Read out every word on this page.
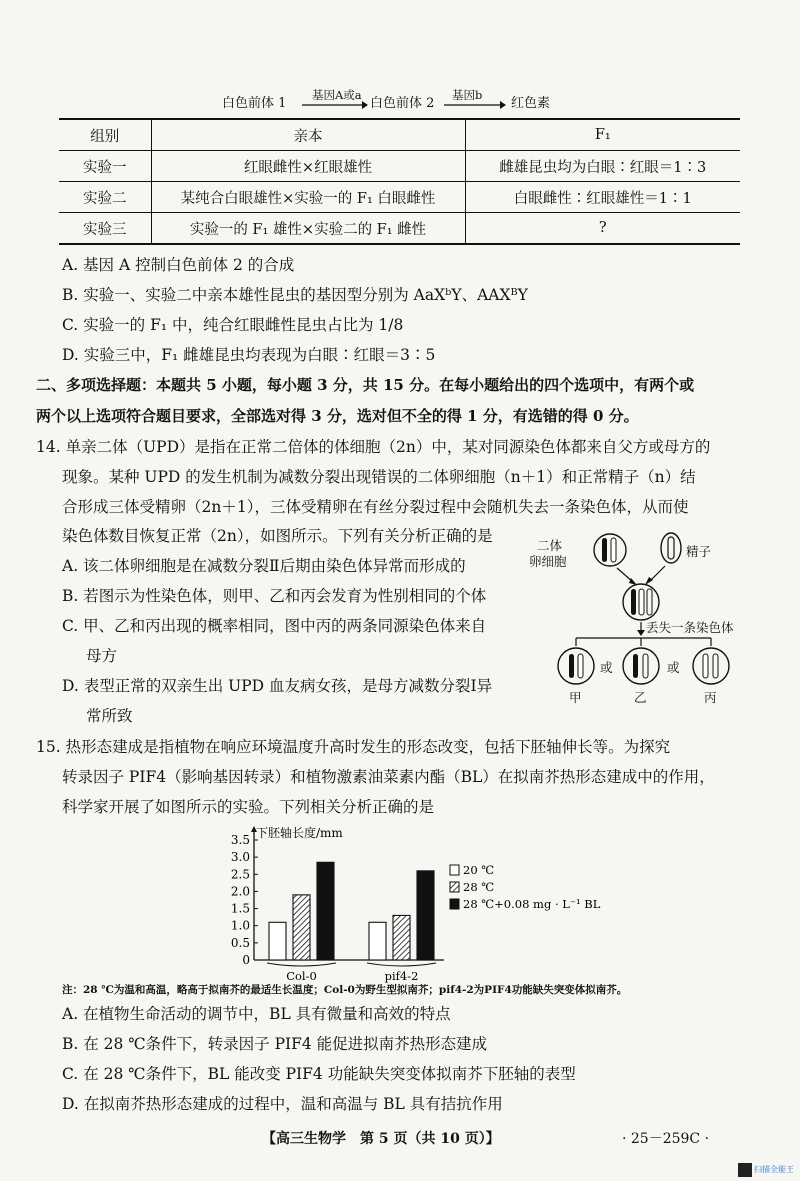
白色前体 1
基因A或a
白色前体 2
基因b
红色素
组别	亲本	F₁
实验一	红眼雌性×红眼雄性	雌雄昆虫均为白眼∶红眼＝1∶3
实验二	某纯合白眼雄性×实验一的 F₁ 白眼雌性	白眼雌性∶红眼雄性＝1∶1
实验三	实验一的 F₁ 雄性×实验二的 F₁ 雌性	?
A. 基因 A 控制白色前体 2 的合成
B. 实验一、实验二中亲本雄性昆虫的基因型分别为 AaXᵇY、AAXᴮY
C. 实验一的 F₁ 中，纯合红眼雌性昆虫占比为 1/8
D. 实验三中，F₁ 雌雄昆虫均表现为白眼∶红眼＝3∶5
二、多项选择题：本题共 5 小题，每小题 3 分，共 15 分。在每小题给出的四个选项中，有两个或
两个以上选项符合题目要求，全部选对得 3 分，选对但不全的得 1 分，有选错的得 0 分。
14. 单亲二体（UPD）是指在正常二倍体的体细胞（2n）中，某对同源染色体都来自父方或母方的
现象。某种 UPD 的发生机制为减数分裂出现错误的二体卵细胞（n＋1）和正常精子（n）结
合形成三体受精卵（2n＋1），三体受精卵在有丝分裂过程中会随机失去一条染色体，从而使
染色体数目恢复正常（2n），如图所示。下列有关分析正确的是
A. 该二体卵细胞是在减数分裂Ⅱ后期由染色体异常而形成的
B. 若图示为性染色体，则甲、乙和丙会发育为性别相同的个体
C. 甲、乙和丙出现的概率相同，图中丙的两条同源染色体来自
母方
D. 表型正常的双亲生出 UPD 血友病女孩，是母方减数分裂Ⅰ异
常所致
二体
卵细胞
精子
丢失一条染色体
或	或
甲	乙	丙
15. 热形态建成是指植物在响应环境温度升高时发生的形态改变，包括下胚轴伸长等。为探究
转录因子 PIF4（影响基因转录）和植物激素油菜素内酯（BL）在拟南芥热形态建成中的作用，
科学家开展了如图所示的实验。下列相关分析正确的是
下胚轴长度/mm
0
0.5
1.0
1.5
2.0
2.5
3.0
3.5
Col-0	pif4-2
20 ℃
28 ℃
28 ℃+0.08 mg · L⁻¹ BL
注：28 ℃为温和高温，略高于拟南芥的最适生长温度；Col-0为野生型拟南芥；pif4-2为PIF4功能缺失突变体拟南芥。
A. 在植物生命活动的调节中，BL 具有微量和高效的特点
B. 在 28 ℃条件下，转录因子 PIF4 能促进拟南芥热形态建成
C. 在 28 ℃条件下，BL 能改变 PIF4 功能缺失突变体拟南芥下胚轴的表型
D. 在拟南芥热形态建成的过程中，温和高温与 BL 具有拮抗作用
【高三生物学　第 5 页（共 10 页）】	· 25－259C ·
扫描全能王
